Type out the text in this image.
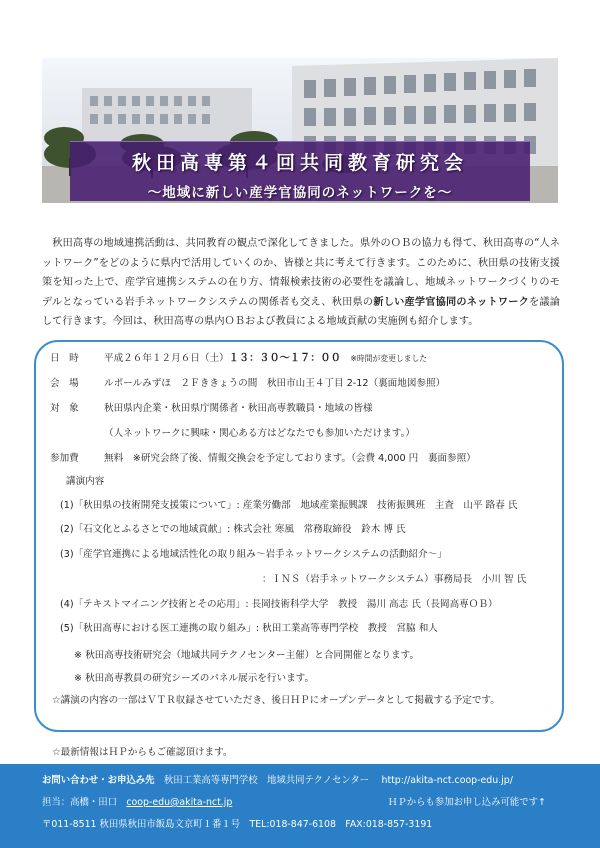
秋田高専第４回共同教育研究会
～地域に新しい産学官協同のネットワークを～
秋田高専の地域連携活動は、共同教育の観点で深化してきました。県外のＯＢの協力も得て、秋田高専の“人ネットワーク”をどのように県内で活用していくのか、皆様と共に考えて行きます。このために、秋田県の技術支援策を知った上で、産学官連携システムの在り方、情報検索技術の必要性を議論し、地域ネットワークづくりのモデルとなっている岩手ネットワークシステムの関係者も交え、秋田県の新しい産学官協同のネットワークを議論して行きます。今回は、秋田高専の県内ＯＢおよび教員による地域貢献の実施例も紹介します。
日　時	平成２６年１２月６日（土）１３：３０～１７：００　 ※時間が変更しました
会　場	ルポールみずほ　２Ｆききょうの間　秋田市山王４丁目 2-12（裏面地図参照）
対　象	秋田県内企業・秋田県庁関係者・秋田高専教職員・地域の皆様
（人ネットワークに興味・関心ある方はどなたでも参加いただけます。）
参加費	無料　※研究会終了後、情報交換会を予定しております。（会費 4,000 円　裏面参照）
講演内容
(1)「秋田県の技術開発支援策について」: 産業労働部　地域産業振興課　技術振興班　主査　山平 路春 氏
(2)「石文化とふるさとでの地域貢献」: 株式会社 寒風　常務取締役　鈴木 博 氏
(3)「産学官連携による地域活性化の取り組み～岩手ネットワークシステムの活動紹介～」
：ＩＮＳ（岩手ネットワークシステム）事務局長　小川 智 氏
(4)「テキストマイニング技術とその応用」: 長岡技術科学大学　教授　湯川 高志 氏（長岡高専ＯＢ）
(5)「秋田高専における医工連携の取り組み」: 秋田工業高等専門学校　教授　宮脇 和人
※ 秋田高専技術研究会（地域共同テクノセンター主催）と合同開催となります。
※ 秋田高専教員の研究シーズのパネル展示を行います。
☆講演の内容の一部はＶＴＲ収録させていただき、後日ＨＰにオープンデータとして掲載する予定です。
☆最新情報はＨＰからもご確認頂けます。
お問い合わせ・お申込み先　 秋田工業高等専門学校　地域共同テクノセンター　 http://akita-nct.coop-edu.jp/
担当：高橋・田口　 coop-edu@akita-nct.jp	ＨＰからも参加お申し込み可能です↑
〒011-8511 秋田県秋田市飯島文京町１番１号　TEL:018-847-6108　FAX:018-857-3191
